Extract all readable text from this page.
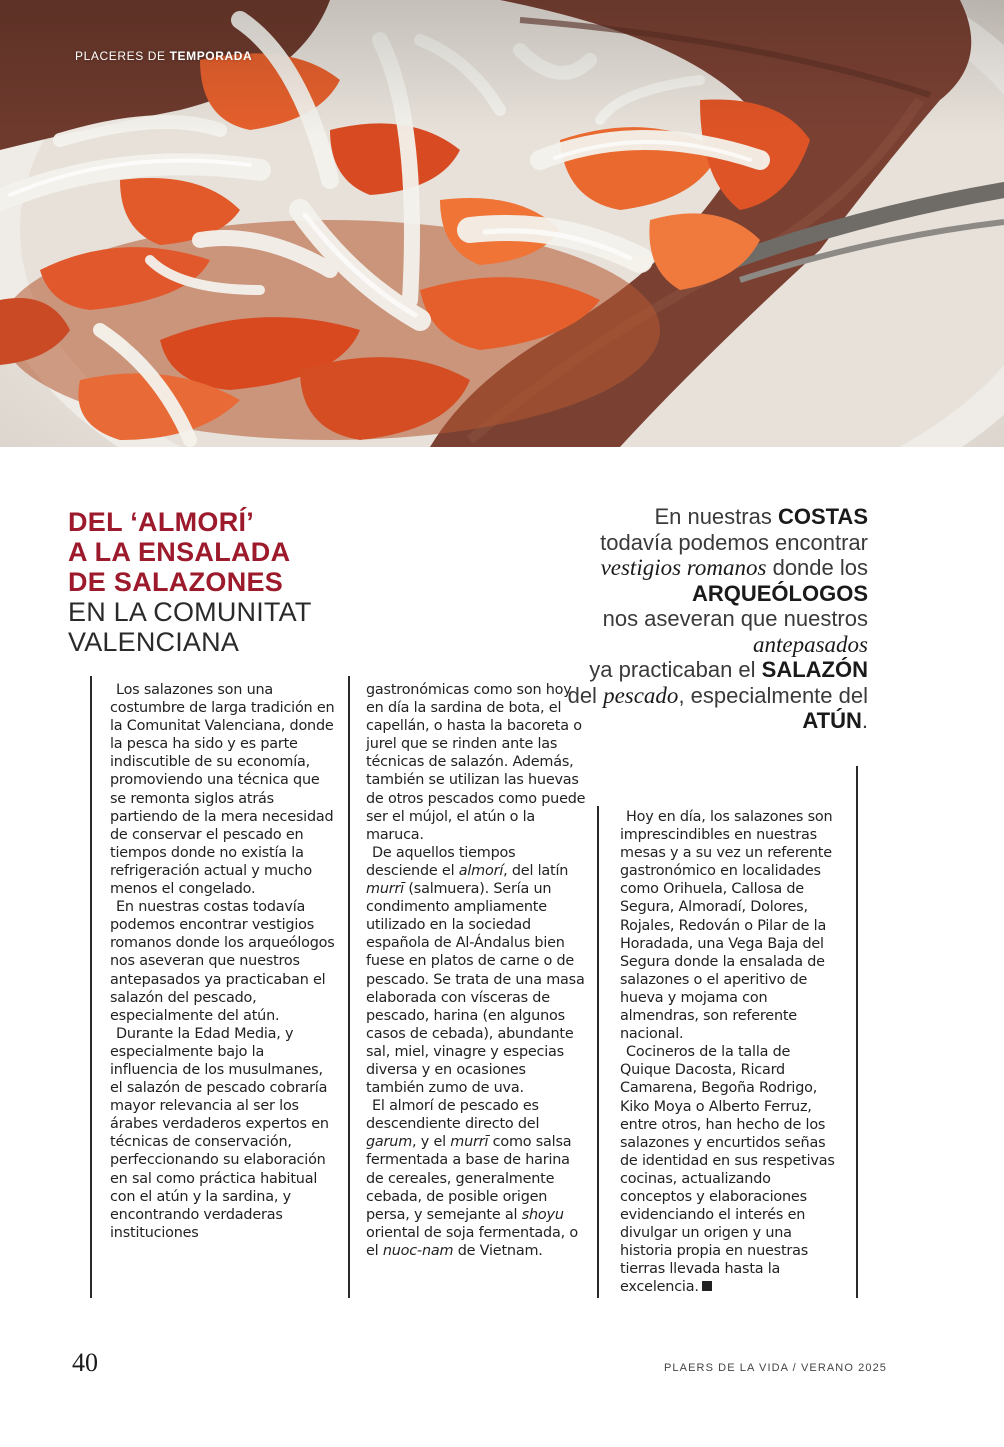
PLACERES DE TEMPORADA
DEL ‘ALMORÍ’
A LA ENSALADA
DE SALAZONES
EN LA COMUNITAT
VALENCIANA
En nuestras COSTAS
todavía podemos encontrar vestigios romanos donde los ARQUEÓLOGOS
nos aseveran que nuestros antepasados
ya practicaban el SALAZÓN del pescado, especialmente del ATÚN.

Los salazones son una costumbre de larga tradición en la Comunitat Valenciana, donde la pesca ha sido y es parte indiscutible de su economía, promoviendo una técnica que se remonta siglos atrás partiendo de la mera necesidad de conservar el pescado en tiempos donde no existía la refrigeración actual y mucho menos el congelado.

En nuestras costas todavía podemos encontrar vestigios romanos donde los arqueólogos nos aseveran que nuestros antepasados ya practicaban el salazón del pescado, especialmente del atún.

Durante la Edad Media, y especialmente bajo la influencia de los musulmanes, el salazón de pescado cobraría mayor relevancia al ser los árabes verdaderos expertos en técnicas de conservación, perfeccionando su elaboración en sal como práctica habitual con el atún y la sardina, y encontrando verdaderas instituciones

gastronómicas como son hoy en día la sardina de bota, el capellán, o hasta la bacoreta o jurel que se rinden ante las técnicas de salazón. Además, también se utilizan las huevas de otros pescados como puede ser el mújol, el atún o la maruca.

De aquellos tiempos desciende el almorí, del latín murrī (salmuera). Sería un condimento ampliamente utilizado en la sociedad española de Al-Ándalus bien fuese en platos de carne o de pescado. Se trata de una masa elaborada con vísceras de pescado, harina (en algunos casos de cebada), abundante sal, miel, vinagre y especias diversa y en ocasiones también zumo de uva.

El almorí de pescado es descendiente directo del garum, y el murrī como salsa fermentada a base de harina de cereales, generalmente cebada, de posible origen persa, y semejante al shoyu oriental de soja fermentada, o el nuoc-nam de Vietnam.

Hoy en día, los salazones son imprescindibles en nuestras mesas y a su vez un referente gastronómico en localidades como Orihuela, Callosa de Segura, Almoradí, Dolores, Rojales, Redován o Pilar de la Horadada, una Vega Baja del Segura donde la ensalada de salazones o el aperitivo de hueva y mojama con almendras, son referente nacional.

Cocineros de la talla de Quique Dacosta, Ricard Camarena, Begoña Rodrigo, Kiko Moya o Alberto Ferruz, entre otros, han hecho de los salazones y encurtidos señas de identidad en sus respetivas cocinas, actualizando conceptos y elaboraciones evidenciando el interés en divulgar un origen y una historia propia en nuestras tierras llevada hasta la excelencia.

40	PLAERS DE LA VIDA / VERANO 2025
